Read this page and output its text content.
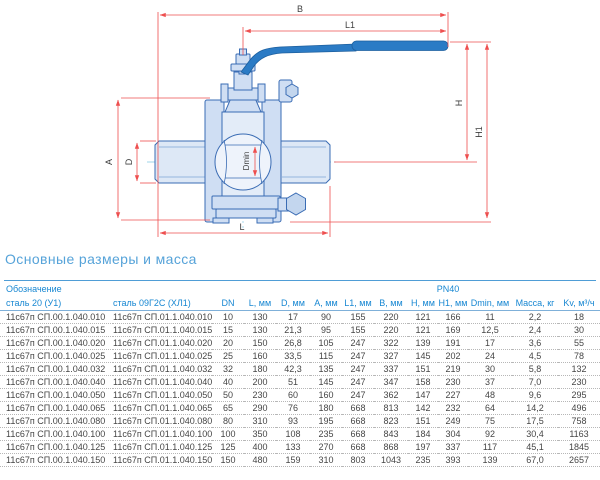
B
L1
L
A D
H
H1
Dmin
Основные размеры и масса
Обозначение	PN40
сталь 20 (У1)	сталь 09Г2С (ХЛ1)	DN	L, мм	D, мм	А, мм	L1, мм	В, мм	Н, мм	Н1, мм	Dmin, мм	Масса, кг	Kv, м³/ч
11с67п СП.00.1.040.010	11с67п СП.01.1.040.010	10	130	17	90	155	220	121	166	11	2,2	18
11с67п СП.00.1.040.015	11с67п СП.01.1.040.015	15	130	21,3	95	155	220	121	169	12,5	2,4	30
11с67п СП.00.1.040.020	11с67п СП.01.1.040.020	20	150	26,8	105	247	322	139	191	17	3,6	55
11с67п СП.00.1.040.025	11с67п СП.01.1.040.025	25	160	33,5	115	247	327	145	202	24	4,5	78
11с67п СП.00.1.040.032	11с67п СП.01.1.040.032	32	180	42,3	135	247	337	151	219	30	5,8	132
11с67п СП.00.1.040.040	11с67п СП.01.1.040.040	40	200	51	145	247	347	158	230	37	7,0	230
11с67п СП.00.1.040.050	11с67п СП.01.1.040.050	50	230	60	160	247	362	147	227	48	9,6	295
11с67п СП.00.1.040.065	11с67п СП.01.1.040.065	65	290	76	180	668	813	142	232	64	14,2	496
11с67п СП.00.1.040.080	11с67п СП.01.1.040.080	80	310	93	195	668	823	151	249	75	17,5	758
11с67п СП.00.1.040.100	11с67п СП.01.1.040.100	100	350	108	235	668	843	184	304	92	30,4	1163
11с67п СП.00.1.040.125	11с67п СП.01.1.040.125	125	400	133	270	668	868	197	337	117	45,1	1845
11с67п СП.00.1.040.150	11с67п СП.01.1.040.150	150	480	159	310	803	1043	235	393	139	67,0	2657
